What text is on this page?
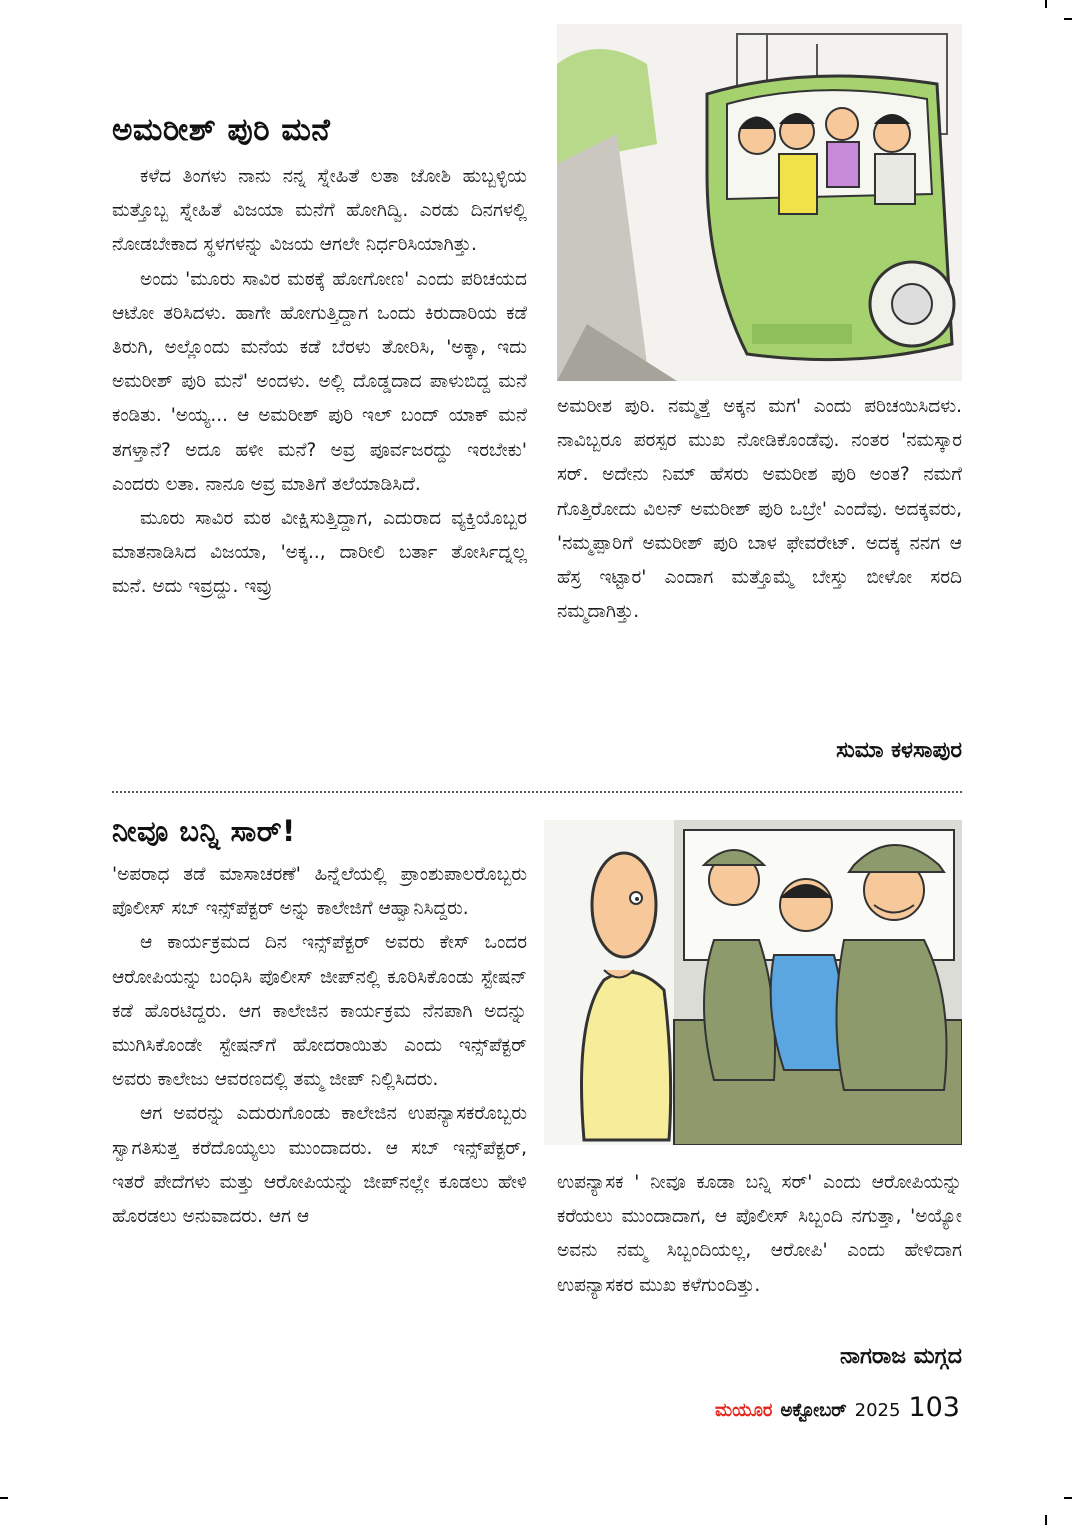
ಅಮರೀಶ್ ಪುರಿ ಮನೆ

ಕಳೆದ ತಿಂಗಳು ನಾನು ನನ್ನ ಸ್ನೇಹಿತೆ ಲತಾ ಜೋಶಿ ಹುಬ್ಬಳ್ಳಿಯ ಮತ್ತೊಬ್ಬ ಸ್ನೇಹಿತೆ ವಿಜಯಾ ಮನೆಗೆ ಹೋಗಿದ್ವಿ. ಎರಡು ದಿನಗಳಲ್ಲಿ ನೋಡಬೇಕಾದ ಸ್ಥಳಗಳನ್ನು ವಿಜಯ ಆಗಲೇ ನಿರ್ಧರಿಸಿಯಾಗಿತ್ತು.

ಅಂದು 'ಮೂರು ಸಾವಿರ ಮಠಕ್ಕೆ ಹೋಗೋಣ' ಎಂದು ಪರಿಚಯದ ಆಟೋ ತರಿಸಿದಳು. ಹಾಗೇ ಹೋಗುತ್ತಿದ್ದಾಗ ಒಂದು ಕಿರುದಾರಿಯ ಕಡೆ ತಿರುಗಿ, ಅಲ್ಲೊಂದು ಮನೆಯ ಕಡೆ ಬೆರಳು ತೋರಿಸಿ, 'ಅಕ್ಕಾ, ಇದು ಅಮರೀಶ್ ಪುರಿ ಮನೆ' ಅಂದಳು. ಅಲ್ಲಿ ದೊಡ್ಡದಾದ ಪಾಳುಬಿದ್ದ ಮನೆ ಕಂಡಿತು. 'ಅಯ್ಯ... ಆ ಅಮರೀಶ್ ಪುರಿ ಇಲ್ ಬಂದ್ ಯಾಕ್ ಮನೆ ತಗಳ್ತಾನೆ? ಅದೂ ಹಳೀ ಮನೆ? ಅವ್ರ ಪೂರ್ವಜರದ್ದು ಇರಬೇಕು' ಎಂದರು ಲತಾ. ನಾನೂ ಅವ್ರ ಮಾತಿಗೆ ತಲೆಯಾಡಿಸಿದೆ.

ಮೂರು ಸಾವಿರ ಮಠ ವೀಕ್ಷಿಸುತ್ತಿದ್ದಾಗ, ಎದುರಾದ ವ್ಯಕ್ತಿಯೊಬ್ಬರ ಮಾತನಾಡಿಸಿದ ವಿಜಯಾ, 'ಅಕ್ಕ.., ದಾರೀಲಿ ಬರ್ತಾ ತೋರ್ಸಿದ್ನಲ್ಲ ಮನೆ. ಅದು ಇವ್ರದ್ದು. ಇವ್ರು

ಅಮರೀಶ ಪುರಿ. ನಮ್ಮತ್ತೆ ಅಕ್ಕನ ಮಗ' ಎಂದು ಪರಿಚಯಿಸಿದಳು. ನಾವಿಬ್ಬರೂ ಪರಸ್ಪರ ಮುಖ ನೋಡಿಕೊಂಡೆವು. ನಂತರ 'ನಮಸ್ಕಾರ ಸರ್. ಅದೇನು ನಿಮ್ ಹೆಸರು ಅಮರೀಶ ಪುರಿ ಅಂತ? ನಮಗೆ ಗೊತ್ತಿರೋದು ವಿಲನ್ ಅಮರೀಶ್ ಪುರಿ ಒಬ್ರೇ' ಎಂದೆವು. ಅದಕ್ಕವರು, 'ನಮ್ಮಪ್ಪಾರಿಗೆ ಅಮರೀಶ್ ಪುರಿ ಬಾಳ ಫೇವರೇಟ್. ಅದಕ್ಕ ನನಗ ಆ ಹೆಸ್ರ ಇಟ್ಟಾರ' ಎಂದಾಗ ಮತ್ತೊಮ್ಮೆ ಬೇಸ್ತು ಬೀಳೋ ಸರದಿ ನಮ್ಮದಾಗಿತ್ತು.

ಸುಮಾ ಕಳಸಾಪುರ
ನೀವೂ ಬನ್ನಿ ಸಾರ್!

'ಅಪರಾಧ ತಡೆ ಮಾಸಾಚರಣೆ' ಹಿನ್ನೆಲೆಯಲ್ಲಿ ಪ್ರಾಂಶುಪಾಲರೊಬ್ಬರು ಪೊಲೀಸ್ ಸಬ್ ಇನ್ಸ್‌ಪೆಕ್ಟರ್ ಅನ್ನು ಕಾಲೇಜಿಗೆ ಆಹ್ವಾನಿಸಿದ್ದರು.

ಆ ಕಾರ್ಯಕ್ರಮದ ದಿನ ಇನ್ಸ್‌ಪೆಕ್ಟರ್ ಅವರು ಕೇಸ್ ಒಂದರ ಆರೋಪಿಯನ್ನು ಬಂಧಿಸಿ ಪೊಲೀಸ್ ಜೀಪ್‌ನಲ್ಲಿ ಕೂರಿಸಿಕೊಂಡು ಸ್ಟೇಷನ್ ಕಡೆ ಹೊರಟಿದ್ದರು. ಆಗ ಕಾಲೇಜಿನ ಕಾರ್ಯಕ್ರಮ ನೆನಪಾಗಿ ಅದನ್ನು ಮುಗಿಸಿಕೊಂಡೇ ಸ್ಟೇಷನ್‌ಗೆ ಹೋದರಾಯಿತು ಎಂದು ಇನ್ಸ್‌ಪೆಕ್ಟರ್ ಅವರು ಕಾಲೇಜು ಆವರಣದಲ್ಲಿ ತಮ್ಮ ಜೀಪ್ ನಿಲ್ಲಿಸಿದರು.

ಆಗ ಅವರನ್ನು ಎದುರುಗೊಂಡು ಕಾಲೇಜಿನ ಉಪನ್ಯಾಸಕರೊಬ್ಬರು ಸ್ವಾಗತಿಸುತ್ತ ಕರೆದೊಯ್ಯಲು ಮುಂದಾದರು. ಆ ಸಬ್ ಇನ್ಸ್‌ಪೆಕ್ಟರ್, ಇತರೆ ಪೇದೆಗಳು ಮತ್ತು ಆರೋಪಿಯನ್ನು ಜೀಪ್‌ನಲ್ಲೇ ಕೂಡಲು ಹೇಳಿ ಹೊರಡಲು ಅನುವಾದರು. ಆಗ ಆ

ಉಪನ್ಯಾಸಕ ' ನೀವೂ ಕೂಡಾ ಬನ್ನಿ ಸರ್' ಎಂದು ಆರೋಪಿಯನ್ನು ಕರೆಯಲು ಮುಂದಾದಾಗ, ಆ ಪೊಲೀಸ್ ಸಿಬ್ಬಂದಿ ನಗುತ್ತಾ, 'ಅಯ್ಯೋ ಅವನು ನಮ್ಮ ಸಿಬ್ಬಂದಿಯಲ್ಲ, ಆರೋಪಿ' ಎಂದು ಹೇಳಿದಾಗ ಉಪನ್ಯಾಸಕರ ಮುಖ ಕಳೆಗುಂದಿತ್ತು.

ನಾಗರಾಜ ಮಗ್ಗದ
ಮಯೂರ ಅಕ್ಟೋಬರ್ 2025 103
